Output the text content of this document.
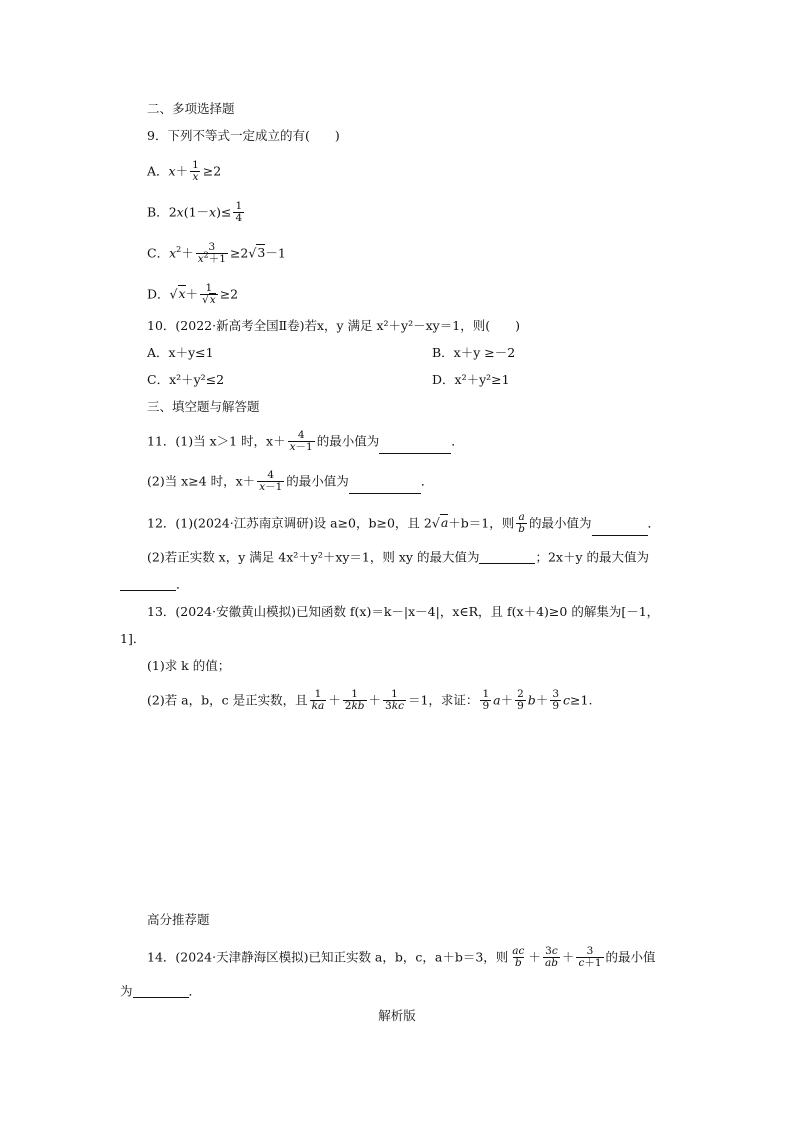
二、多项选择题
9．下列不等式一定成立的有(　　)
A．$x+ \frac{1}{x} \ge 2$
B．$2x(1-x)\le \frac{1}{4}$
C．$x^2+ \frac{3}{x^2+1} \ge 2√3-1$
D．$√x+ \frac{1}{√x} \ge 2$
10．(2022·新高考全国Ⅱ卷)若x，y 满足 x²＋y²－xy＝1，则(　　)
A．x＋y≤1	B．x＋y ≥－2
C．x²＋y²≤2	D．x²＋y²≥1
三、填空题与解答题
11．(1)当 x＞1 时，$x+ \frac{4}{x-1}$ 的最小值为	．
(2)当 x≥4 时，$x+ \frac{4}{x-1}$ 的最小值为	．
12．(1)(2024·江苏南京调研)设 a≥0，b≥0，且 2√a＋b＝1，则 $\frac{a}{b}$ 的最小值为	．
(2)若正实数 x，y 满足 4x²＋y²＋xy＝1，则 xy 的最大值为	；2x＋y 的最大值为
．
13．(2024·安徽黄山模拟)已知函数 f(x)＝k－|x－4|，x∈R，且 f(x＋4)≥0 的解集为[－1，
1]．
(1)求 k 的值；
(2)若 a，b，c 是正实数，且 $\frac{1}{ka} + \frac{1}{2kb} + \frac{1}{3kc} =1$，求证： $\frac{1}{9} a+ \frac{2}{9} b+ \frac{3}{9} c\ge 1$.
高分推荐题
14．(2024·天津静海区模拟)已知正实数 a，b，c，a＋b＝3，则 $\frac{ac}{b} + \frac{3c}{ab} + \frac{3}{c+1}$ 的最小值
为	．
解析版
